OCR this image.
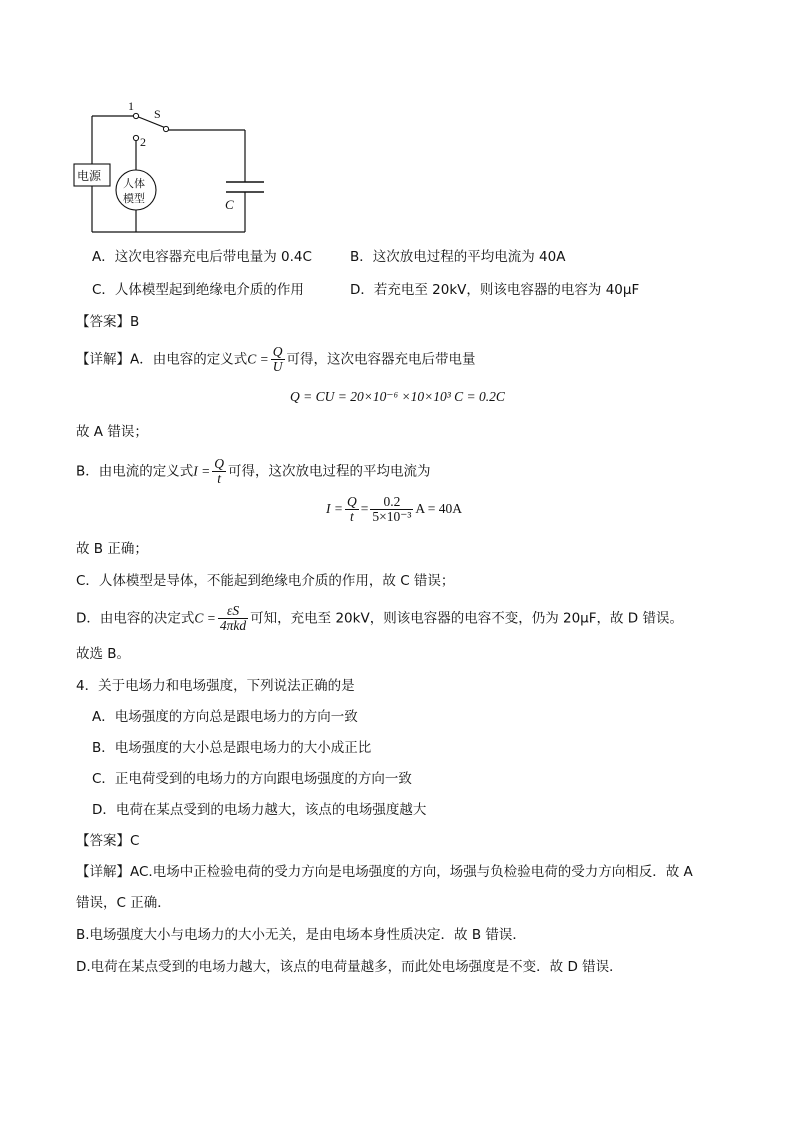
1
S
2
电源
人体
模型	C
A．这次电容器充电后带电量为 0.4C	B．这次放电过程的平均电流为 40A
C．人体模型起到绝缘电介质的作用	D．若充电至 20kV，则该电容器的电容为 40μF
【答案】B
【详解】A．由电容的定义式$C = \frac{Q}{U}$ 可得，这次电容器充电后带电量
Q = CU = 20×10⁻⁶ ×10×10³ C = 0.2C
故 A 错误；
B．由电流的定义式$I = \frac{Q}{t}$ 可得，这次放电过程的平均电流为
$I = \frac{Q}{t} = \frac{0.2}{\text{5×10⁻³}}$ A = 40A
故 B 正确；
C．人体模型是导体，不能起到绝缘电介质的作用，故 C 错误；
D．由电容的决定式$C = \frac{\varepsilon S}{\text{4πkd}}$ 可知，充电至 20kV，则该电容器的电容不变，仍为 20μF，故 D 错误。
故选 B。
4．关于电场力和电场强度，下列说法正确的是
A．电场强度的方向总是跟电场力的方向一致
B．电场强度的大小总是跟电场力的大小成正比
C．正电荷受到的电场力的方向跟电场强度的方向一致
D．电荷在某点受到的电场力越大，该点的电场强度越大
【答案】C
【详解】AC.电场中正检验电荷的受力方向是电场强度的方向，场强与负检验电荷的受力方向相反．故 A
错误，C 正确．
B.电场强度大小与电场力的大小无关，是由电场本身性质决定．故 B 错误．
D.电荷在某点受到的电场力越大，该点的电荷量越多，而此处电场强度是不变．故 D 错误．
